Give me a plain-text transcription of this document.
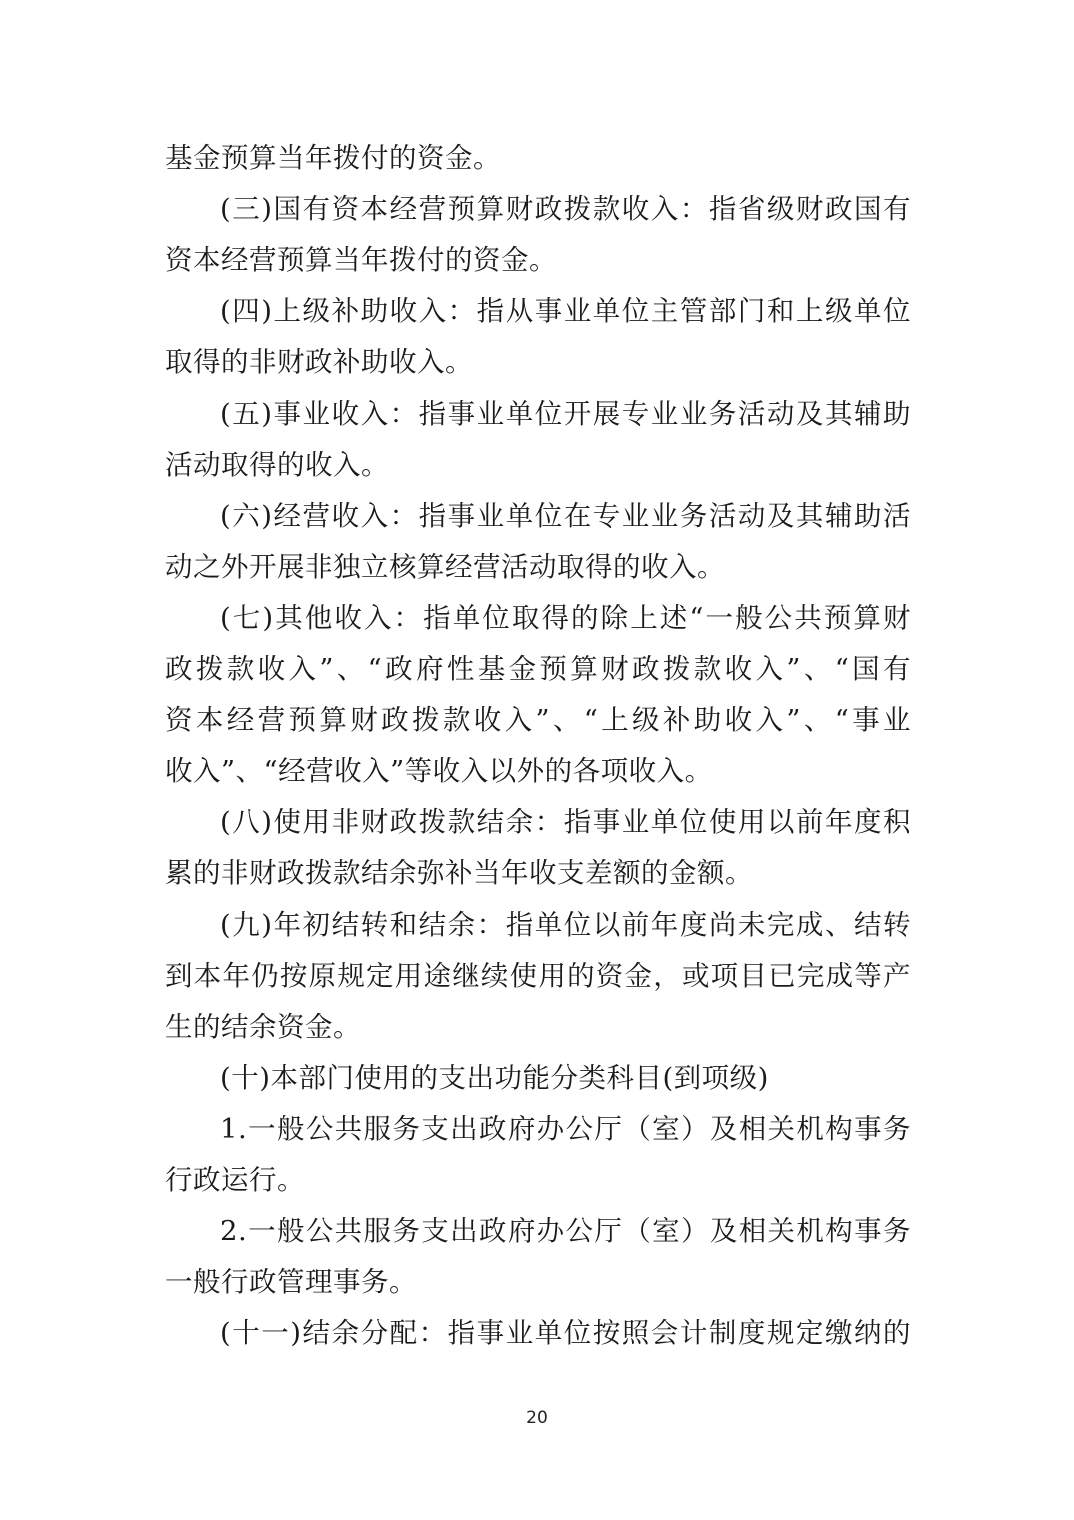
基金预算当年拨付的资金。
(三)国有资本经营预算财政拨款收入：指省级财政国有
资本经营预算当年拨付的资金。
(四)上级补助收入：指从事业单位主管部门和上级单位
取得的非财政补助收入。
(五)事业收入：指事业单位开展专业业务活动及其辅助
活动取得的收入。
(六)经营收入：指事业单位在专业业务活动及其辅助活
动之外开展非独立核算经营活动取得的收入。
(七)其他收入：指单位取得的除上述“一般公共预算财
政拨款收入”、“政府性基金预算财政拨款收入”、“国有
资本经营预算财政拨款收入”、“上级补助收入”、“事业
收入”、“经营收入”等收入以外的各项收入。
(八)使用非财政拨款结余：指事业单位使用以前年度积
累的非财政拨款结余弥补当年收支差额的金额。
(九)年初结转和结余：指单位以前年度尚未完成、结转
到本年仍按原规定用途继续使用的资金，或项目已完成等产
生的结余资金。
(十)本部门使用的支出功能分类科目(到项级)
1.一般公共服务支出政府办公厅（室）及相关机构事务
行政运行。
2.一般公共服务支出政府办公厅（室）及相关机构事务
一般行政管理事务。
(十一)结余分配：指事业单位按照会计制度规定缴纳的
20
